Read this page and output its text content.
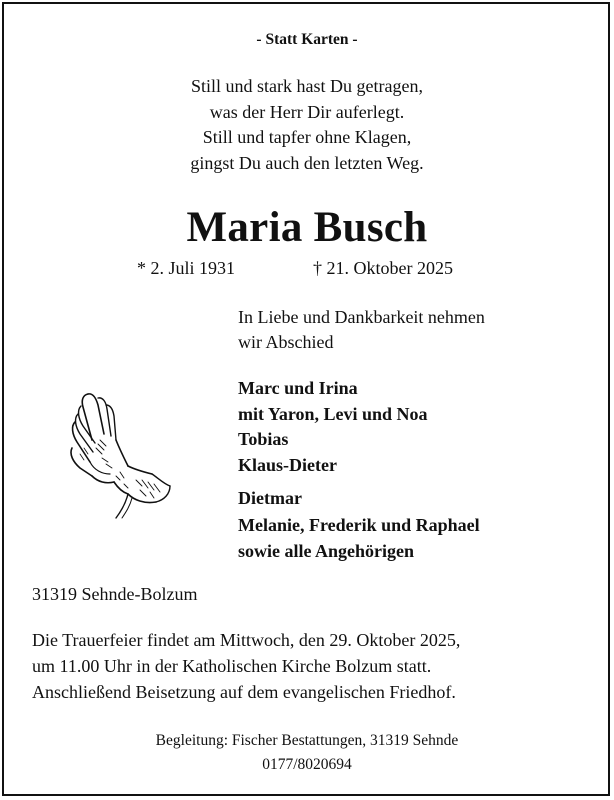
- Statt Karten -
Still und stark hast Du getragen,
was der Herr Dir auferlegt.
Still und tapfer ohne Klagen,
gingst Du auch den letzten Weg.
Maria Busch
* 2. Juli 1931	† 21. Oktober 2025
In Liebe und Dankbarkeit nehmen
wir Abschied
Marc und Irina
mit Yaron, Levi und Noa
Tobias
Klaus-Dieter
Dietmar
Melanie, Frederik und Raphael
sowie alle Angehörigen
31319 Sehnde-Bolzum
Die Trauerfeier findet am Mittwoch, den 29. Oktober 2025,
um 11.00 Uhr in der Katholischen Kirche Bolzum statt.
Anschließend Beisetzung auf dem evangelischen Friedhof.
Begleitung: Fischer Bestattungen, 31319 Sehnde
0177/8020694
